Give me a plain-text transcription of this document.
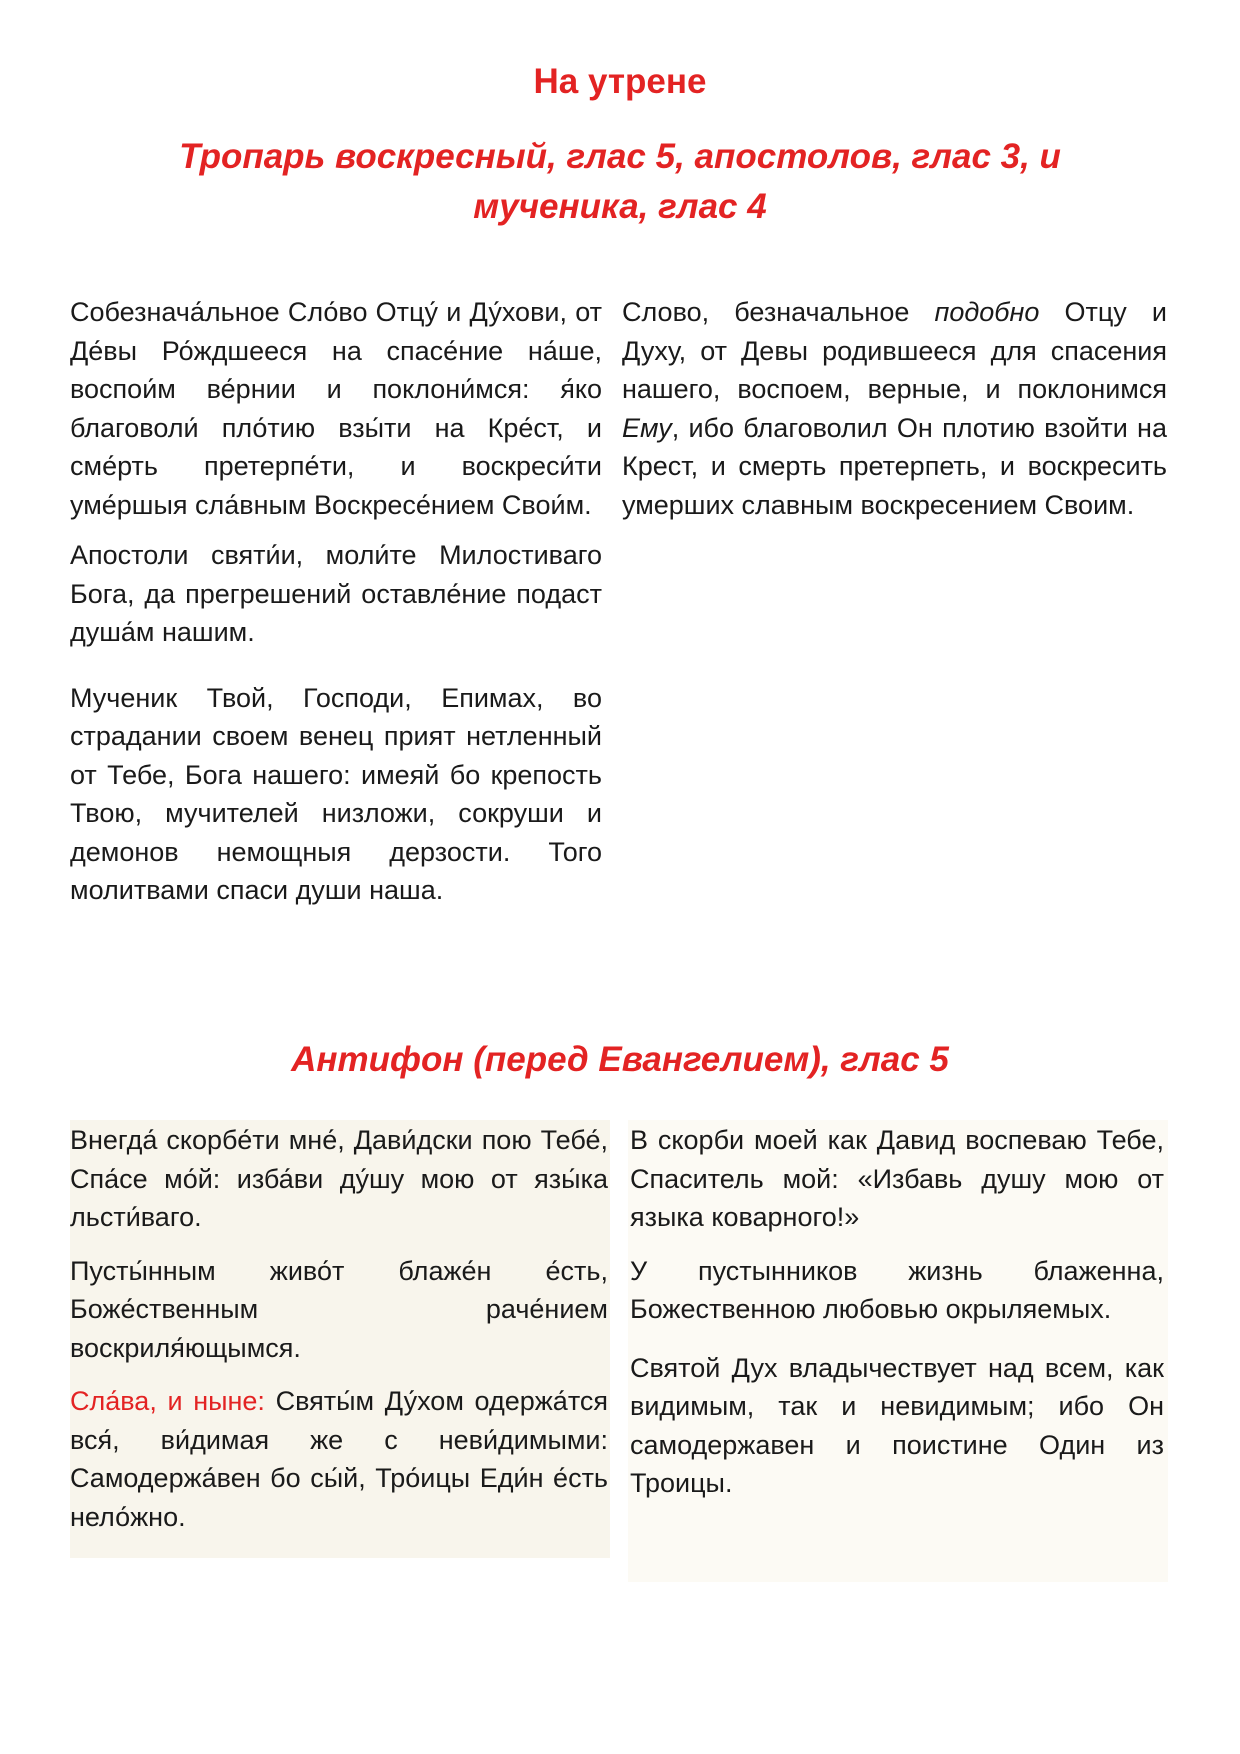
На утрене
Тропарь воскресный, глас 5, апостолов, глас 3, и мученика, глас 4

Собезнача́льное Сло́во Отцу́ и Ду́хови, от Де́вы Ро́ждшееся на спасе́ние на́ше, воспои́м ве́рнии и поклони́мся: я́ко благоволи́ пло́тию взы́ти на Кре́ст, и сме́рть претерпе́ти, и воскреси́ти уме́ршыя сла́вным Воскресе́нием Свои́м.

Апостоли святи́и, моли́те Милостиваго Бога, да прегрешений оставле́ние подаст душа́м нашим.

Мученик Твой, Господи, Епимах, во страдании своем венец прият нетленный от Тебе, Бога нашего: имеяй бо крепость Твою, мучителей низложи, сокруши и демонов немощныя дерзости. Того молитвами спаси души наша.

Слово, безначальное подобно Отцу и Духу, от Девы родившееся для спасения нашего, воспоем, верные, и поклонимся Ему, ибо благоволил Он плотию взойти на Крест, и смерть претерпеть, и воскресить умерших славным воскресением Своим.

Антифон (перед Евангелием), глас 5

Внегда́ скорбе́ти мне́, Дави́дски пою Тебе́, Спа́се мо́й: изба́ви ду́шу мою от язы́ка льсти́ваго.

Пусты́нным живо́т блаже́н е́сть, Боже́ственным раче́нием воскриля́ющымся.

Сла́ва, и ныне: Святы́м Ду́хом одержа́тся вся́, ви́димая же с неви́димыми: Самодержа́вен бо сы́й, Тро́ицы Еди́н е́сть нело́жно.

В скорби моей как Давид воспеваю Тебе, Спаситель мой: «Избавь душу мою от языка коварного!»

У пустынников жизнь блаженна, Божественною любовью окрыляемых.

Святой Дух владычествует над всем, как видимым, так и невидимым; ибо Он самодержавен и поистине Один из Троицы.
